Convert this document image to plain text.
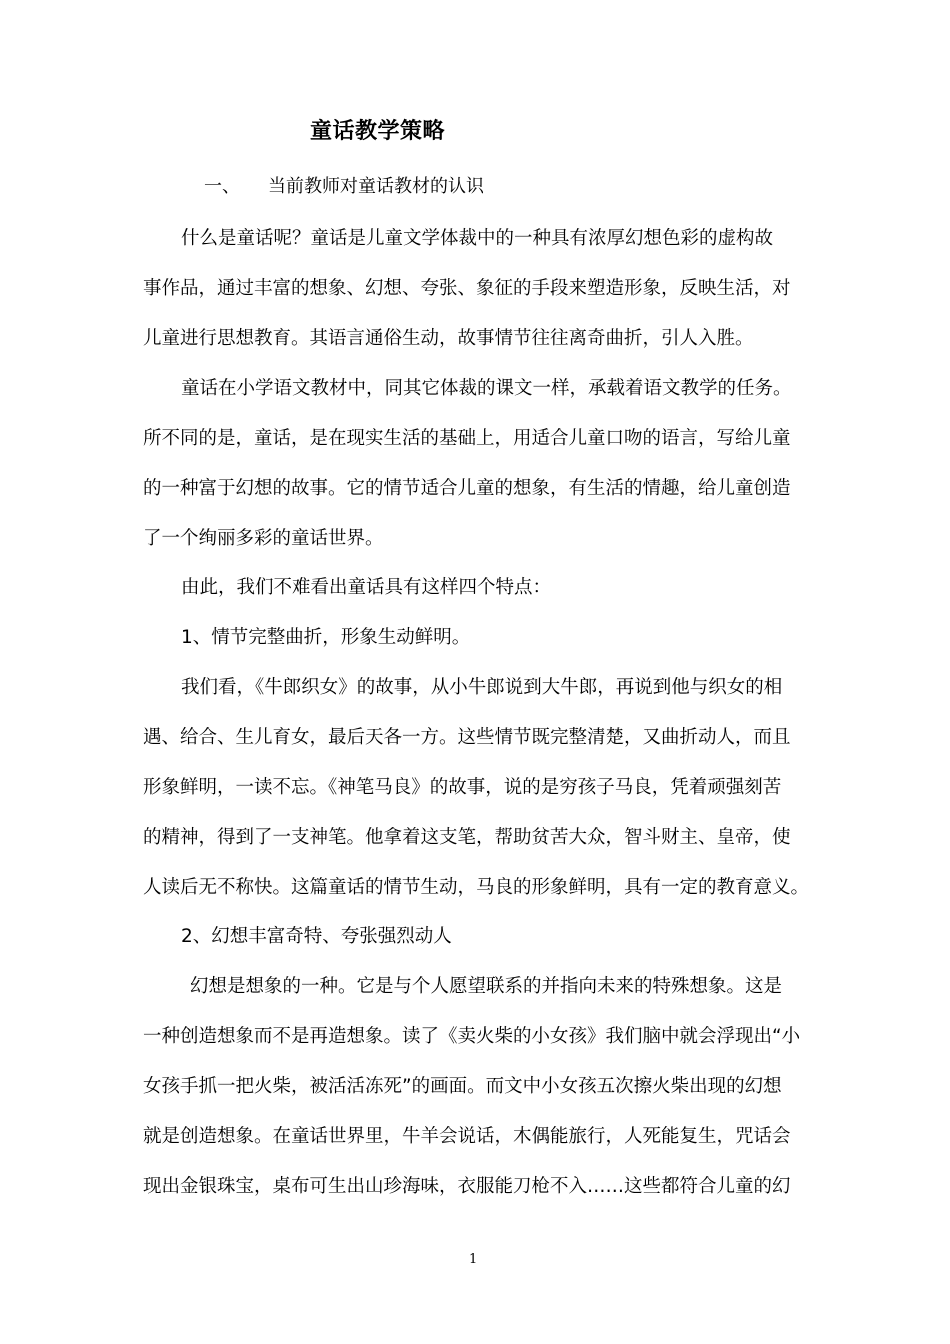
童话教学策略
一、 当前教师对童话教材的认识
什么是童话呢？童话是儿童文学体裁中的一种具有浓厚幻想色彩的虚构故
事作品，通过丰富的想象、幻想、夸张、象征的手段来塑造形象，反映生活，对
儿童进行思想教育。其语言通俗生动，故事情节往往离奇曲折，引人入胜。
童话在小学语文教材中，同其它体裁的课文一样，承载着语文教学的任务。
所不同的是，童话，是在现实生活的基础上，用适合儿童口吻的语言，写给儿童
的一种富于幻想的故事。它的情节适合儿童的想象，有生活的情趣，给儿童创造
了一个绚丽多彩的童话世界。
由此，我们不难看出童话具有这样四个特点：
1、情节完整曲折，形象生动鲜明。
我们看，《牛郎织女》的故事，从小牛郎说到大牛郎，再说到他与织女的相
遇、给合、生儿育女，最后天各一方。这些情节既完整清楚，又曲折动人，而且
形象鲜明，一读不忘。《神笔马良》的故事，说的是穷孩子马良，凭着顽强刻苦
的精神，得到了一支神笔。他拿着这支笔，帮助贫苦大众，智斗财主、皇帝，使
人读后无不称快。这篇童话的情节生动，马良的形象鲜明，具有一定的教育意义。
2、幻想丰富奇特、夸张强烈动人
幻想是想象的一种。它是与个人愿望联系的并指向未来的特殊想象。这是
一种创造想象而不是再造想象。读了《卖火柴的小女孩》我们脑中就会浮现出“小
女孩手抓一把火柴，被活活冻死”的画面。而文中小女孩五次擦火柴出现的幻想
就是创造想象。在童话世界里，牛羊会说话，木偶能旅行，人死能复生，咒话会
现出金银珠宝，桌布可生出山珍海味，衣服能刀枪不入……这些都符合儿童的幻
1
